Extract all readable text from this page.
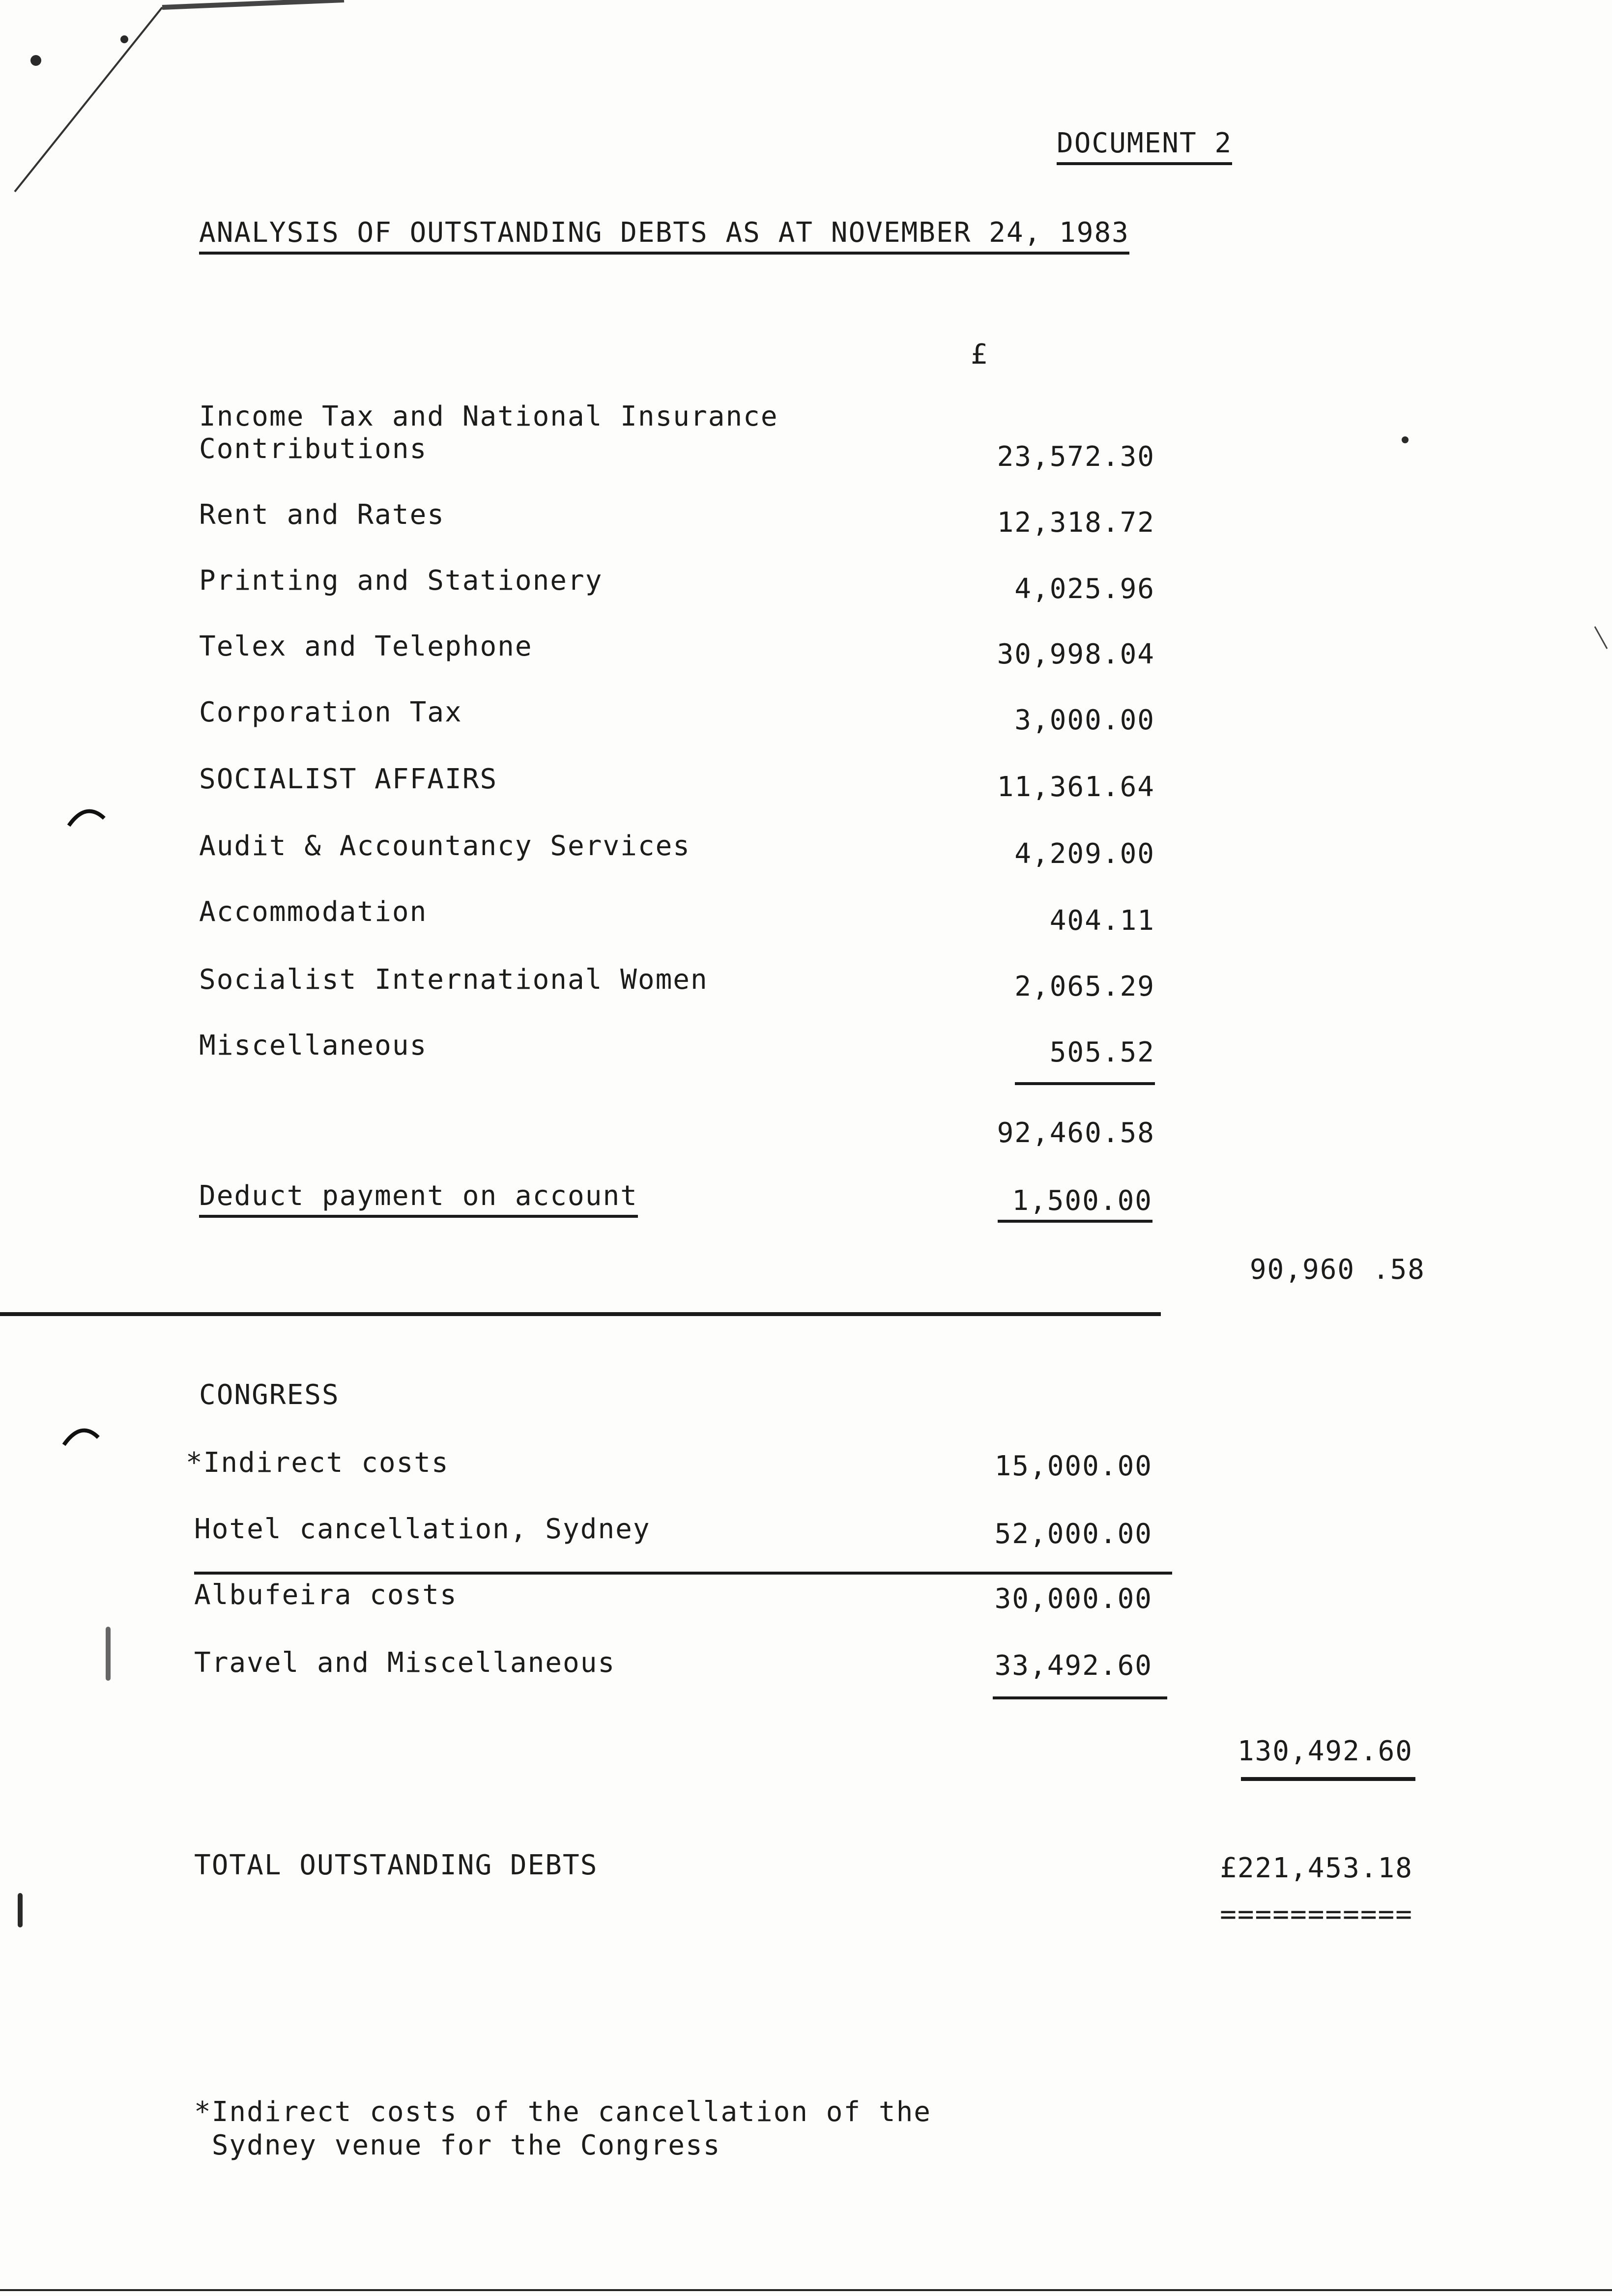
DOCUMENT 2
ANALYSIS OF OUTSTANDING DEBTS AS AT NOVEMBER 24, 1983
£
Income Tax and National Insurance
Contributions	23,572.30
Rent and Rates	12,318.72
Printing and Stationery	4,025.96
Telex and Telephone	30,998.04
Corporation Tax	3,000.00
SOCIALIST AFFAIRS	11,361.64
Audit & Accountancy Services	4,209.00
Accommodation	404.11
Socialist International Women	2,065.29
Miscellaneous	505.52
92,460.58
Deduct payment on account	1,500.00
90,960 .58
CONGRESS
*Indirect costs	15,000.00
Hotel cancellation, Sydney	52,000.00
Albufeira costs	30,000.00
Travel and Miscellaneous	33,492.60
130,492.60
TOTAL OUTSTANDING DEBTS	£221,453.18
===========
*Indirect costs of the cancellation of the
Sydney venue for the Congress
